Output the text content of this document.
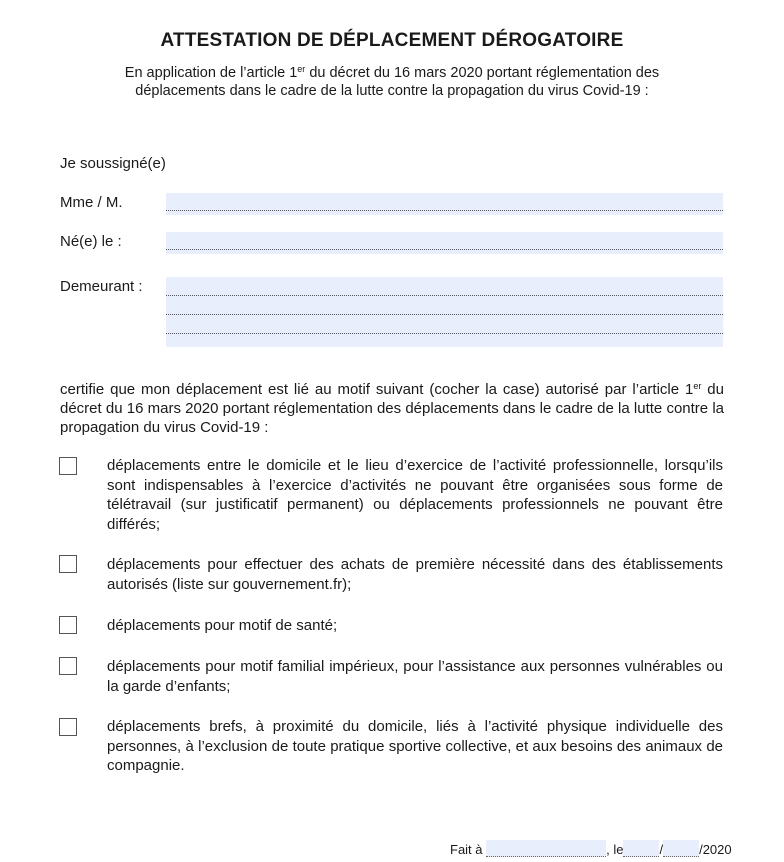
ATTESTATION DE DÉPLACEMENT DÉROGATOIRE
En application de l’article 1er du décret du 16 mars 2020 portant réglementation des
déplacements dans le cadre de la lutte contre la propagation du virus Covid-19 :
Je soussigné(e)
Mme / M.
Né(e) le :
Demeurant :
certifie que mon déplacement est lié au motif suivant (cocher la case) autorisé par l’article 1er du décret du 16 mars 2020 portant réglementation des déplacements dans le cadre de la lutte contre la propagation du virus Covid-19 :
déplacements entre le domicile et le lieu d’exercice de l’activité professionnelle, lorsqu’ils sont indispensables à l’exercice d’activités ne pouvant être organisées sous forme de télétravail (sur justificatif permanent) ou déplacements professionnels ne pouvant être différés;
déplacements pour effectuer des achats de première nécessité dans des établissements autorisés (liste sur gouvernement.fr);
déplacements pour motif de santé;
déplacements pour motif familial impérieux, pour l’assistance aux personnes vulnérables ou la garde d’enfants;
déplacements brefs, à proximité du domicile, liés à l’activité physique individuelle des personnes, à l’exclusion de toute pratique sportive collective, et aux besoins des animaux de compagnie.
Fait à	, le	/	/2020
